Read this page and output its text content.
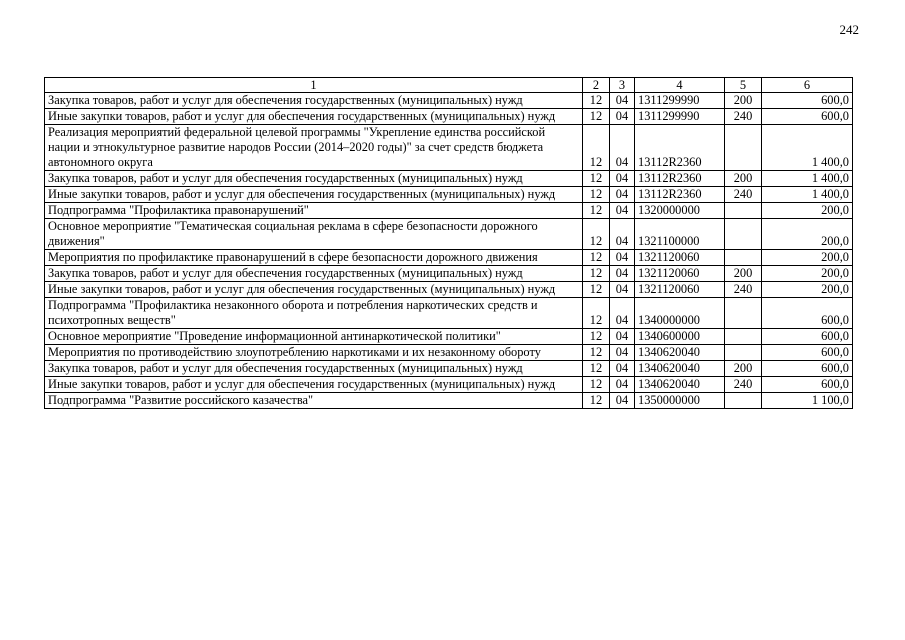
242
1	2	3	4	5	6
Закупка товаров, работ и услуг для обеспечения государственных (муниципальных) нужд	12	04	1311299990	200	600,0
Иные закупки товаров, работ и услуг для обеспечения государственных (муниципальных) нужд	12	04	1311299990	240	600,0
Реализация мероприятий федеральной целевой программы "Укрепление единства российской нации и этнокультурное развитие народов России (2014–2020 годы)" за счет средств бюджета автономного округа	12	04	13112R2360		1 400,0
Закупка товаров, работ и услуг для обеспечения государственных (муниципальных) нужд	12	04	13112R2360	200	1 400,0
Иные закупки товаров, работ и услуг для обеспечения государственных (муниципальных) нужд	12	04	13112R2360	240	1 400,0
Подпрограмма "Профилактика правонарушений"	12	04	1320000000		200,0
Основное мероприятие "Тематическая социальная реклама в сфере безопасности дорожного движения"	12	04	1321100000		200,0
Мероприятия по профилактике правонарушений в сфере безопасности дорожного движения	12	04	1321120060		200,0
Закупка товаров, работ и услуг для обеспечения государственных (муниципальных) нужд	12	04	1321120060	200	200,0
Иные закупки товаров, работ и услуг для обеспечения государственных (муниципальных) нужд	12	04	1321120060	240	200,0
Подпрограмма "Профилактика незаконного оборота и потребления наркотических средств и психотропных веществ"	12	04	1340000000		600,0
Основное мероприятие "Проведение информационной антинаркотической политики"	12	04	1340600000		600,0
Мероприятия по противодействию злоупотреблению наркотиками и их незаконному обороту	12	04	1340620040		600,0
Закупка товаров, работ и услуг для обеспечения государственных (муниципальных) нужд	12	04	1340620040	200	600,0
Иные закупки товаров, работ и услуг для обеспечения государственных (муниципальных) нужд	12	04	1340620040	240	600,0
Подпрограмма "Развитие российского казачества"	12	04	1350000000		1 100,0
